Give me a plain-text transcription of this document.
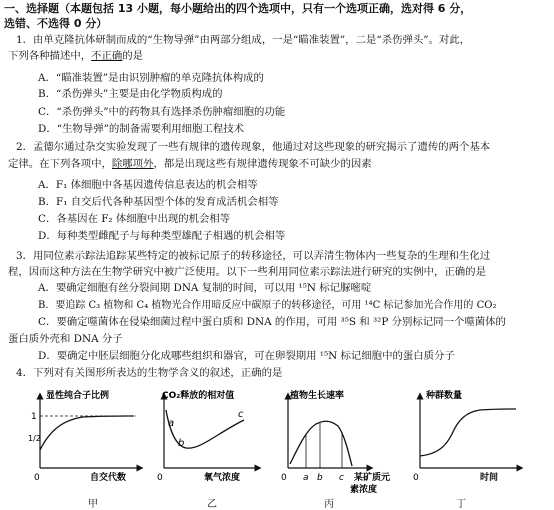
一、选择题（本题包括 13 小题，每小题给出的四个选项中，只有一个选项正确，选对得 6 分，
选错、不选得 0 分）
1．由单克隆抗体研制而成的“生物导弹”由两部分组成，一是“瞄准装置”，二是“杀伤弹头”。对此，
下列各种描述中，不正确的是
A．“瞄准装置”是由识别肿瘤的单克隆抗体构成的
B．“杀伤弹头”主要是由化学物质构成的
C．“杀伤弹头”中的药物具有选择杀伤肿瘤细胞的功能
D．“生物导弹”的制备需要利用细胞工程技术
2．孟德尔通过杂交实验发现了一些有规律的遗传现象，他通过对这些现象的研究揭示了遗传的两个基本
定律。在下列各项中，除哪项外，都是出现这些有规律遗传现象不可缺少的因素
A．F₁ 体细胞中各基因遗传信息表达的机会相等
B．F₁ 自交后代各种基因型个体的发育成活机会相等
C．各基因在 F₂ 体细胞中出现的机会相等
D．每种类型雌配子与每种类型雄配子相遇的机会相等
3．用同位素示踪法追踪某些特定的被标记原子的转移途径，可以弄清生物体内一些复杂的生理和生化过
程，因而这种方法在生物学研究中被广泛使用。以下一些利用同位素示踪法进行研究的实例中，正确的是
A．要确定细胞有丝分裂间期 DNA 复制的时间，可以用 ¹⁵N 标记脲嘧啶
B．要追踪 C₃ 植物和 C₄ 植物光合作用暗反应中碳原子的转移途径，可用 ¹⁴C 标记参加光合作用的 CO₂
C．要确定噬菌体在侵染细菌过程中蛋白质和 DNA 的作用，可用 ³⁵S 和 ³²P 分别标记同一个噬菌体的
蛋白质外壳和 DNA 分子
D．要确定中胚层细胞分化成哪些组织和器官，可在卵裂期用 ¹⁵N 标记细胞中的蛋白质分子
4．下列对有关图形所表达的生物学含义的叙述，正确的是
显性纯合子比例
1
1/2
0	自交代数
甲
CO₂释放的相对值
a
b
c
0	氧气浓度
乙
植物生长速率
0 a b c 某矿质元
素浓度
丙
种群数量
0	时间
丁
